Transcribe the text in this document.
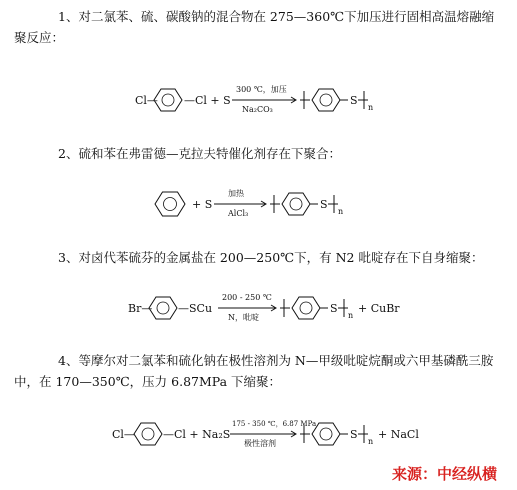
1、对二氯苯、硫、碳酸钠的混合物在 275—360℃下加压进行固相高温熔融缩聚反应：
Cl— —Cl + S
300 ℃，加压
Na₂CO₃
S
n
2、硫和苯在弗雷德—克拉夫特催化剂存在下聚合：
+ S
加热
AlCl₃
S
n
3、对卤代苯硫芬的金属盐在 200—250℃下，有 N2 吡啶存在下自身缩聚：
Br— —SCu
200 - 250 ℃
N，吡啶
S
n
+ CuBr
4、等摩尔对二氯苯和硫化钠在极性溶剂为 N—甲级吡啶烷酮或六甲基磷酰三胺中，在 170—350℃，压力 6.87MPa 下缩聚：
Cl—	—Cl + Na₂S
175 - 350 ℃，6.87 MPa
极性溶剂
S
n
+ NaCl
来源：中经纵横
